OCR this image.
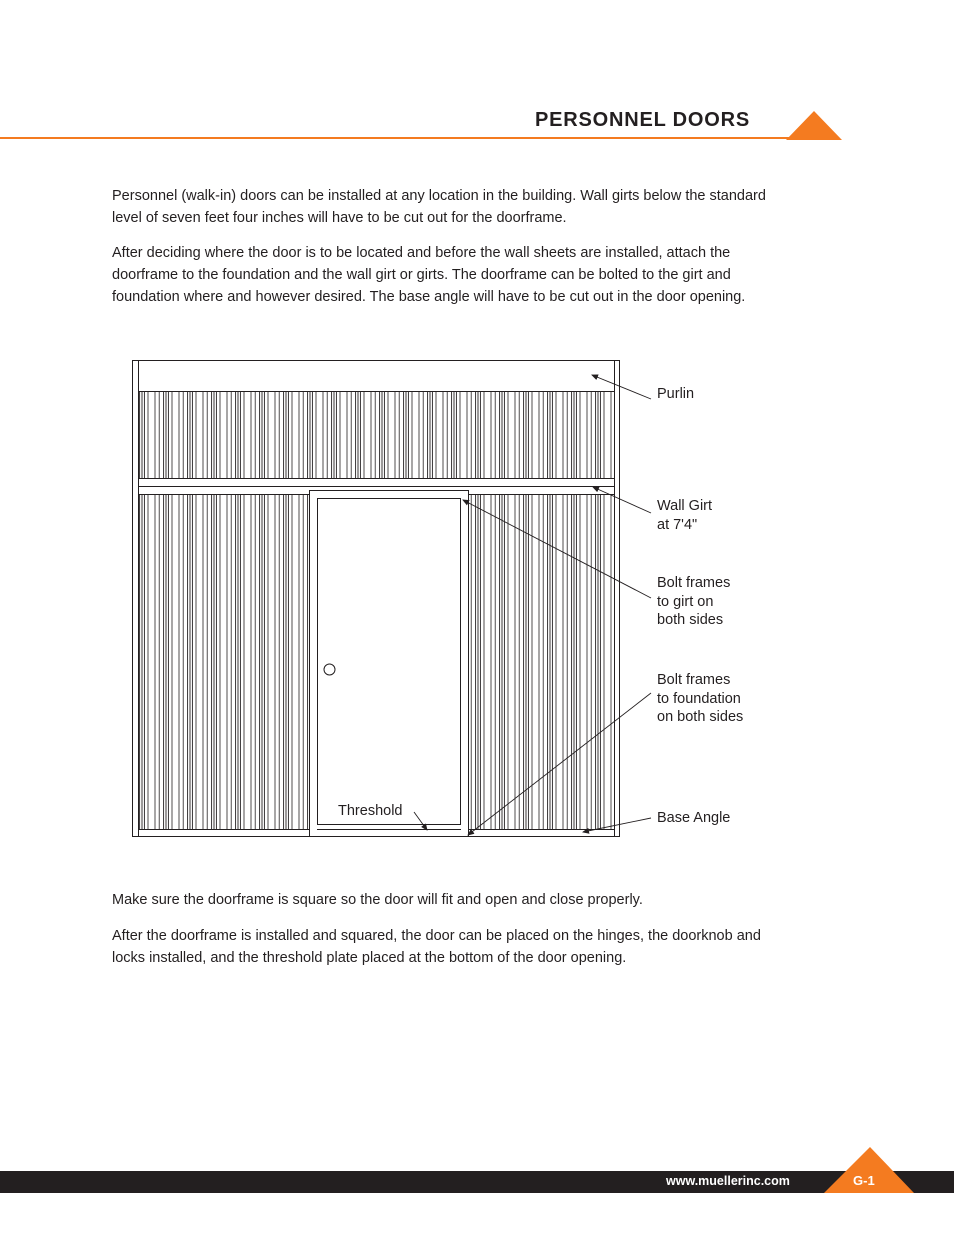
PERSONNEL DOORS

Personnel (walk-in) doors can be installed at any location in the building. Wall girts below the standard level of seven feet four inches will have to be cut out for the doorframe.

After deciding where the door is to be located and before the wall sheets are installed, attach the doorframe to the foundation and the wall girt or girts. The doorframe can be bolted to the girt and foundation where and however desired. The base angle will have to be cut out in the door opening.

Purlin
Wall Girt
at 7'4"
Bolt frames
to girt on
both sides
Bolt frames
to foundation
on both sides
Threshold	Base Angle

Make sure the doorframe is square so the door will fit and open and close properly.

After the doorframe is installed and squared, the door can be placed on the hinges, the doorknob and locks installed, and the threshold plate placed at the bottom of the door opening.

www.muellerinc.com	G-1
